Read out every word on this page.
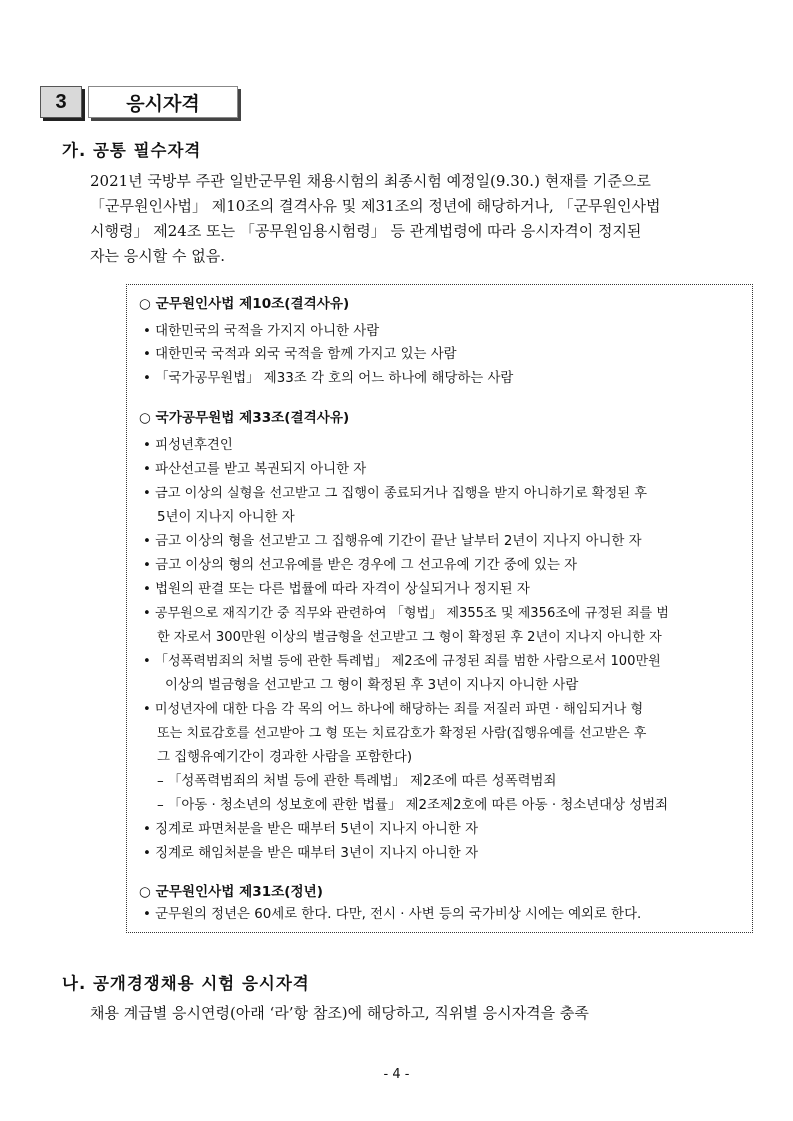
3	응시자격
가. 공통 필수자격
2021년 국방부 주관 일반군무원 채용시험의 최종시험 예정일(9.30.) 현재를 기준으로
「군무원인사법」 제10조의 결격사유 및 제31조의 정년에 해당하거나, 「군무원인사법
시행령」 제24조 또는 「공무원임용시험령」 등 관계법령에 따라 응시자격이 정지된
자는 응시할 수 없음.
○ 군무원인사법 제10조(결격사유)
• 대한민국의 국적을 가지지 아니한 사람
• 대한민국 국적과 외국 국적을 함께 가지고 있는 사람
• 「국가공무원법」 제33조 각 호의 어느 하나에 해당하는 사람
○ 국가공무원법 제33조(결격사유)
• 피성년후견인
• 파산선고를 받고 복권되지 아니한 자
• 금고 이상의 실형을 선고받고 그 집행이 종료되거나 집행을 받지 아니하기로 확정된 후
5년이 지나지 아니한 자
• 금고 이상의 형을 선고받고 그 집행유예 기간이 끝난 날부터 2년이 지나지 아니한 자
• 금고 이상의 형의 선고유예를 받은 경우에 그 선고유예 기간 중에 있는 자
• 법원의 판결 또는 다른 법률에 따라 자격이 상실되거나 정지된 자
• 공무원으로 재직기간 중 직무와 관련하여 「형법」 제355조 및 제356조에 규정된 죄를 범
한 자로서 300만원 이상의 벌금형을 선고받고 그 형이 확정된 후 2년이 지나지 아니한 자
• 「성폭력범죄의 처벌 등에 관한 특례법」 제2조에 규정된 죄를 범한 사람으로서 100만원
이상의 벌금형을 선고받고 그 형이 확정된 후 3년이 지나지 아니한 사람
• 미성년자에 대한 다음 각 목의 어느 하나에 해당하는 죄를 저질러 파면 · 해임되거나 형
또는 치료감호를 선고받아 그 형 또는 치료감호가 확정된 사람(집행유예를 선고받은 후
그 집행유예기간이 경과한 사람을 포함한다)
– 「성폭력범죄의 처벌 등에 관한 특례법」 제2조에 따른 성폭력범죄
– 「아동 · 청소년의 성보호에 관한 법률」 제2조제2호에 따른 아동 · 청소년대상 성범죄
• 징계로 파면처분을 받은 때부터 5년이 지나지 아니한 자
• 징계로 해임처분을 받은 때부터 3년이 지나지 아니한 자
○ 군무원인사법 제31조(정년)
• 군무원의 정년은 60세로 한다. 다만, 전시 · 사변 등의 국가비상 시에는 예외로 한다.
나. 공개경쟁채용 시험 응시자격
채용 계급별 응시연령(아래 ‘라’항 참조)에 해당하고, 직위별 응시자격을 충족
- 4 -
